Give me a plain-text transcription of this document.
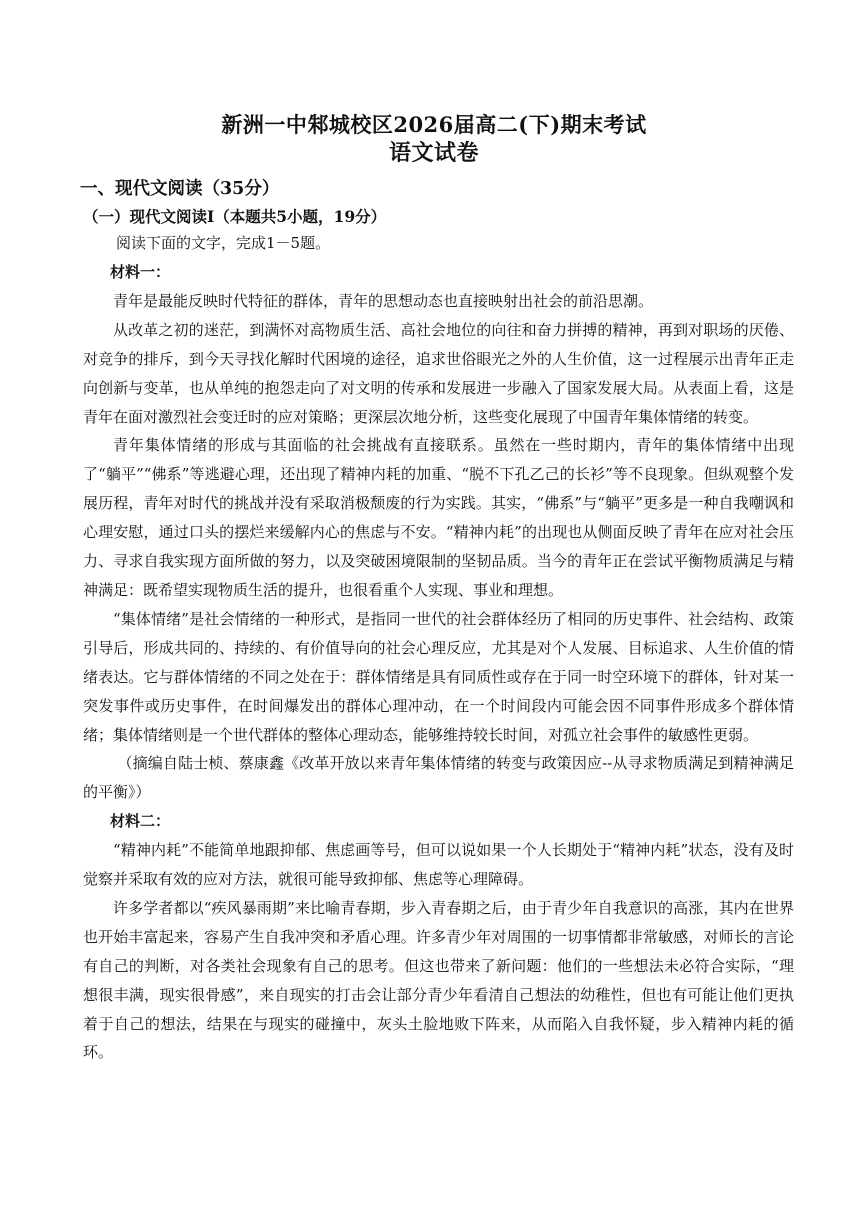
新洲一中邾城校区2026届高二(下)期末考试
语文试卷
一、现代文阅读（35分）
（一）现代文阅读Ⅰ（本题共5小题，19分）
阅读下面的文字，完成1－5题。

材料一：

青年是最能反映时代特征的群体，青年的思想动态也直接映射出社会的前沿思潮。

从改革之初的迷茫，到满怀对高物质生活、高社会地位的向往和奋力拼搏的精神，再到对职场的厌倦、对竞争的排斥，到今天寻找化解时代困境的途径，追求世俗眼光之外的人生价值，这一过程展示出青年正走向创新与变革，也从单纯的抱怨走向了对文明的传承和发展进一步融入了国家发展大局。从表面上看，这是青年在面对激烈社会变迁时的应对策略；更深层次地分析，这些变化展现了中国青年集体情绪的转变。

青年集体情绪的形成与其面临的社会挑战有直接联系。虽然在一些时期内，青年的集体情绪中出现了“躺平”“佛系”等逃避心理，还出现了精神内耗的加重、“脱不下孔乙己的长衫”等不良现象。但纵观整个发展历程，青年对时代的挑战并没有采取消极颓废的行为实践。其实，“佛系”与“躺平”更多是一种自我嘲讽和心理安慰，通过口头的摆烂来缓解内心的焦虑与不安。“精神内耗”的出现也从侧面反映了青年在应对社会压力、寻求自我实现方面所做的努力，以及突破困境限制的坚韧品质。当今的青年正在尝试平衡物质满足与精神满足：既希望实现物质生活的提升，也很看重个人实现、事业和理想。

“集体情绪”是社会情绪的一种形式，是指同一世代的社会群体经历了相同的历史事件、社会结构、政策引导后，形成共同的、持续的、有价值导向的社会心理反应，尤其是对个人发展、目标追求、人生价值的情绪表达。它与群体情绪的不同之处在于：群体情绪是具有同质性或存在于同一时空环境下的群体，针对某一突发事件或历史事件，在时间爆发出的群体心理冲动，在一个时间段内可能会因不同事件形成多个群体情绪；集体情绪则是一个世代群体的整体心理动态，能够维持较长时间，对孤立社会事件的敏感性更弱。

（摘编自陆士桢、蔡康鑫《改革开放以来青年集体情绪的转变与政策因应--从寻求物质满足到精神满足的平衡》）

材料二：

“精神内耗”不能简单地跟抑郁、焦虑画等号，但可以说如果一个人长期处于“精神内耗”状态，没有及时觉察并采取有效的应对方法，就很可能导致抑郁、焦虑等心理障碍。

许多学者都以“疾风暴雨期”来比喻青春期，步入青春期之后，由于青少年自我意识的高涨，其内在世界也开始丰富起来，容易产生自我冲突和矛盾心理。许多青少年对周围的一切事情都非常敏感，对师长的言论有自己的判断，对各类社会现象有自己的思考。但这也带来了新问题：他们的一些想法未必符合实际，“理想很丰满，现实很骨感”，来自现实的打击会让部分青少年看清自己想法的幼稚性，但也有可能让他们更执着于自己的想法，结果在与现实的碰撞中，灰头土脸地败下阵来，从而陷入自我怀疑，步入精神内耗的循环。
